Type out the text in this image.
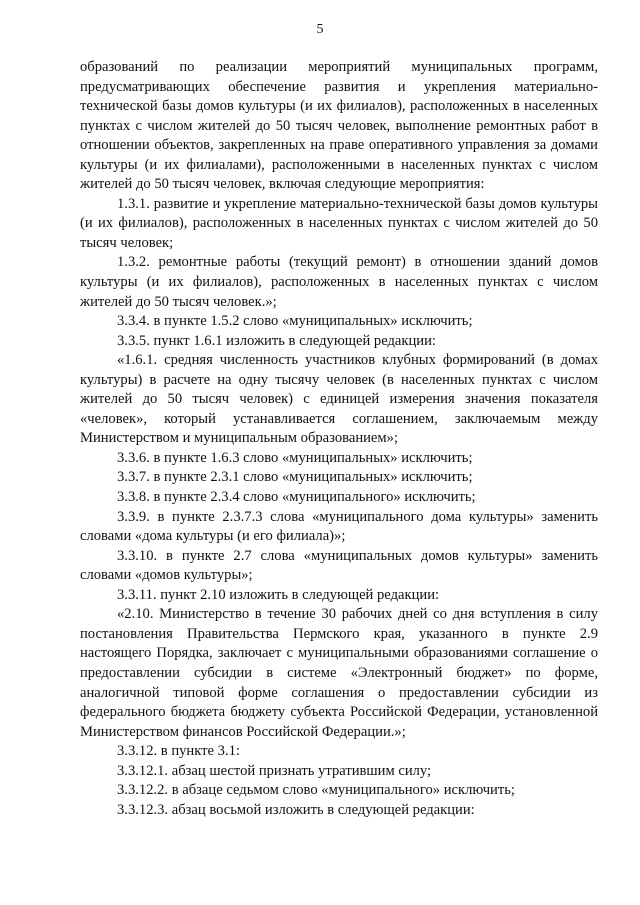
5

образований по реализации мероприятий муниципальных программ, предусматривающих обеспечение развития и укрепления материально-технической базы домов культуры (и их филиалов), расположенных в населенных пунктах с числом жителей до 50 тысяч человек, выполнение ремонтных работ в отношении объектов, закрепленных на праве оперативного управления за домами культуры (и их филиалами), расположенными в населенных пунктах с числом жителей до 50 тысяч человек, включая следующие мероприятия:

1.3.1. развитие и укрепление материально-технической базы домов культуры (и их филиалов), расположенных в населенных пунктах с числом жителей до 50 тысяч человек;

1.3.2. ремонтные работы (текущий ремонт) в отношении зданий домов культуры (и их филиалов), расположенных в населенных пунктах с числом жителей до 50 тысяч человек.»;

3.3.4. в пункте 1.5.2 слово «муниципальных» исключить;

3.3.5. пункт 1.6.1 изложить в следующей редакции:

«1.6.1. средняя численность участников клубных формирований (в домах культуры) в расчете на одну тысячу человек (в населенных пунктах с числом жителей до 50 тысяч человек) с единицей измерения значения показателя «человек», который устанавливается соглашением, заключаемым между Министерством и муниципальным образованием»;

3.3.6. в пункте 1.6.3 слово «муниципальных» исключить;

3.3.7. в пункте 2.3.1 слово «муниципальных» исключить;

3.3.8. в пункте 2.3.4 слово «муниципального» исключить;

3.3.9. в пункте 2.3.7.3 слова «муниципального дома культуры» заменить словами «дома культуры (и его филиала)»;

3.3.10. в пункте 2.7 слова «муниципальных домов культуры» заменить словами «домов культуры»;

3.3.11. пункт 2.10 изложить в следующей редакции:

«2.10. Министерство в течение 30 рабочих дней со дня вступления в силу постановления Правительства Пермского края, указанного в пункте 2.9 настоящего Порядка, заключает с муниципальными образованиями соглашение о предоставлении субсидии в системе «Электронный бюджет» по форме, аналогичной типовой форме соглашения о предоставлении субсидии из федерального бюджета бюджету субъекта Российской Федерации, установленной Министерством финансов Российской Федерации.»;

3.3.12. в пункте 3.1:

3.3.12.1. абзац шестой признать утратившим силу;

3.3.12.2. в абзаце седьмом слово «муниципального» исключить;

3.3.12.3. абзац восьмой изложить в следующей редакции:
